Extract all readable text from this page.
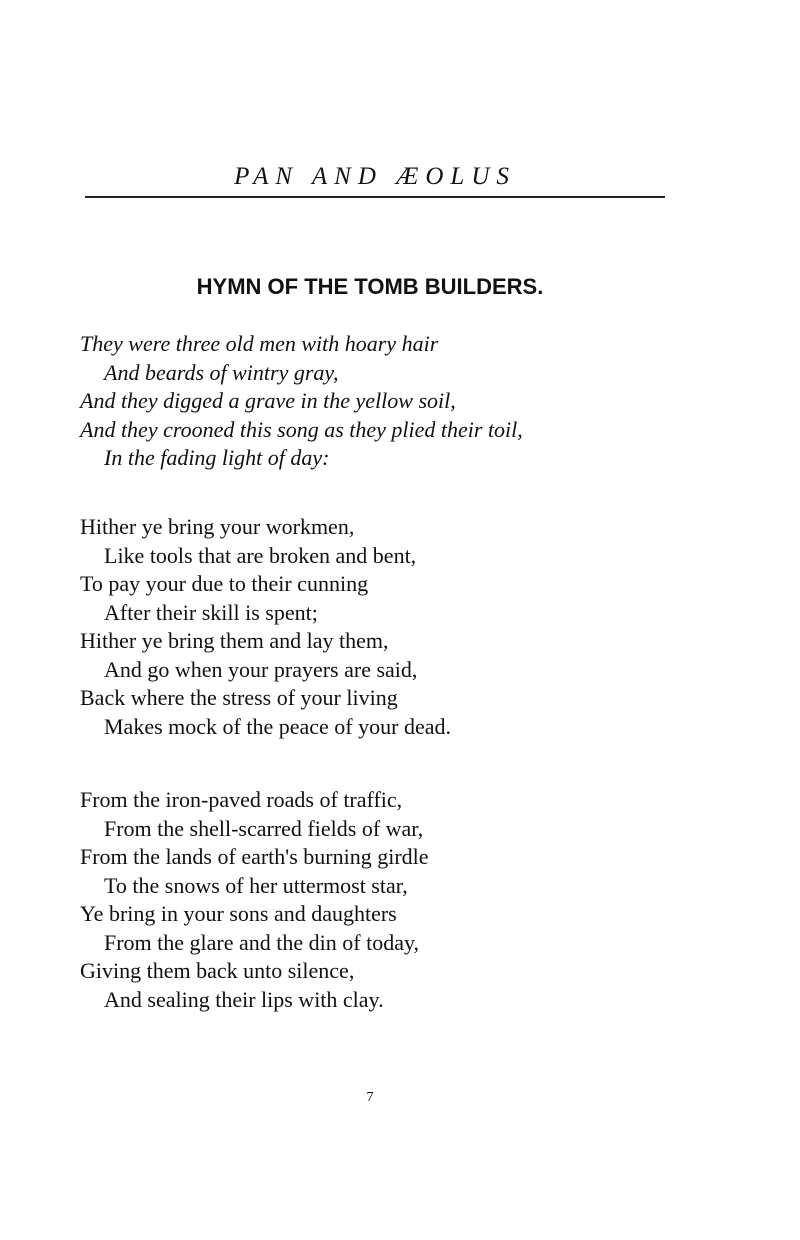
PAN AND ÆOLUS
HYMN OF THE TOMB BUILDERS.
They were three old men with hoary hair
And beards of wintry gray,
And they digged a grave in the yellow soil,
And they crooned this song as they plied their toil,
In the fading light of day:
Hither ye bring your workmen,
Like tools that are broken and bent,
To pay your due to their cunning
After their skill is spent;
Hither ye bring them and lay them,
And go when your prayers are said,
Back where the stress of your living
Makes mock of the peace of your dead.
From the iron-paved roads of traffic,
From the shell-scarred fields of war,
From the lands of earth's burning girdle
To the snows of her uttermost star,
Ye bring in your sons and daughters
From the glare and the din of today,
Giving them back unto silence,
And sealing their lips with clay.
7
